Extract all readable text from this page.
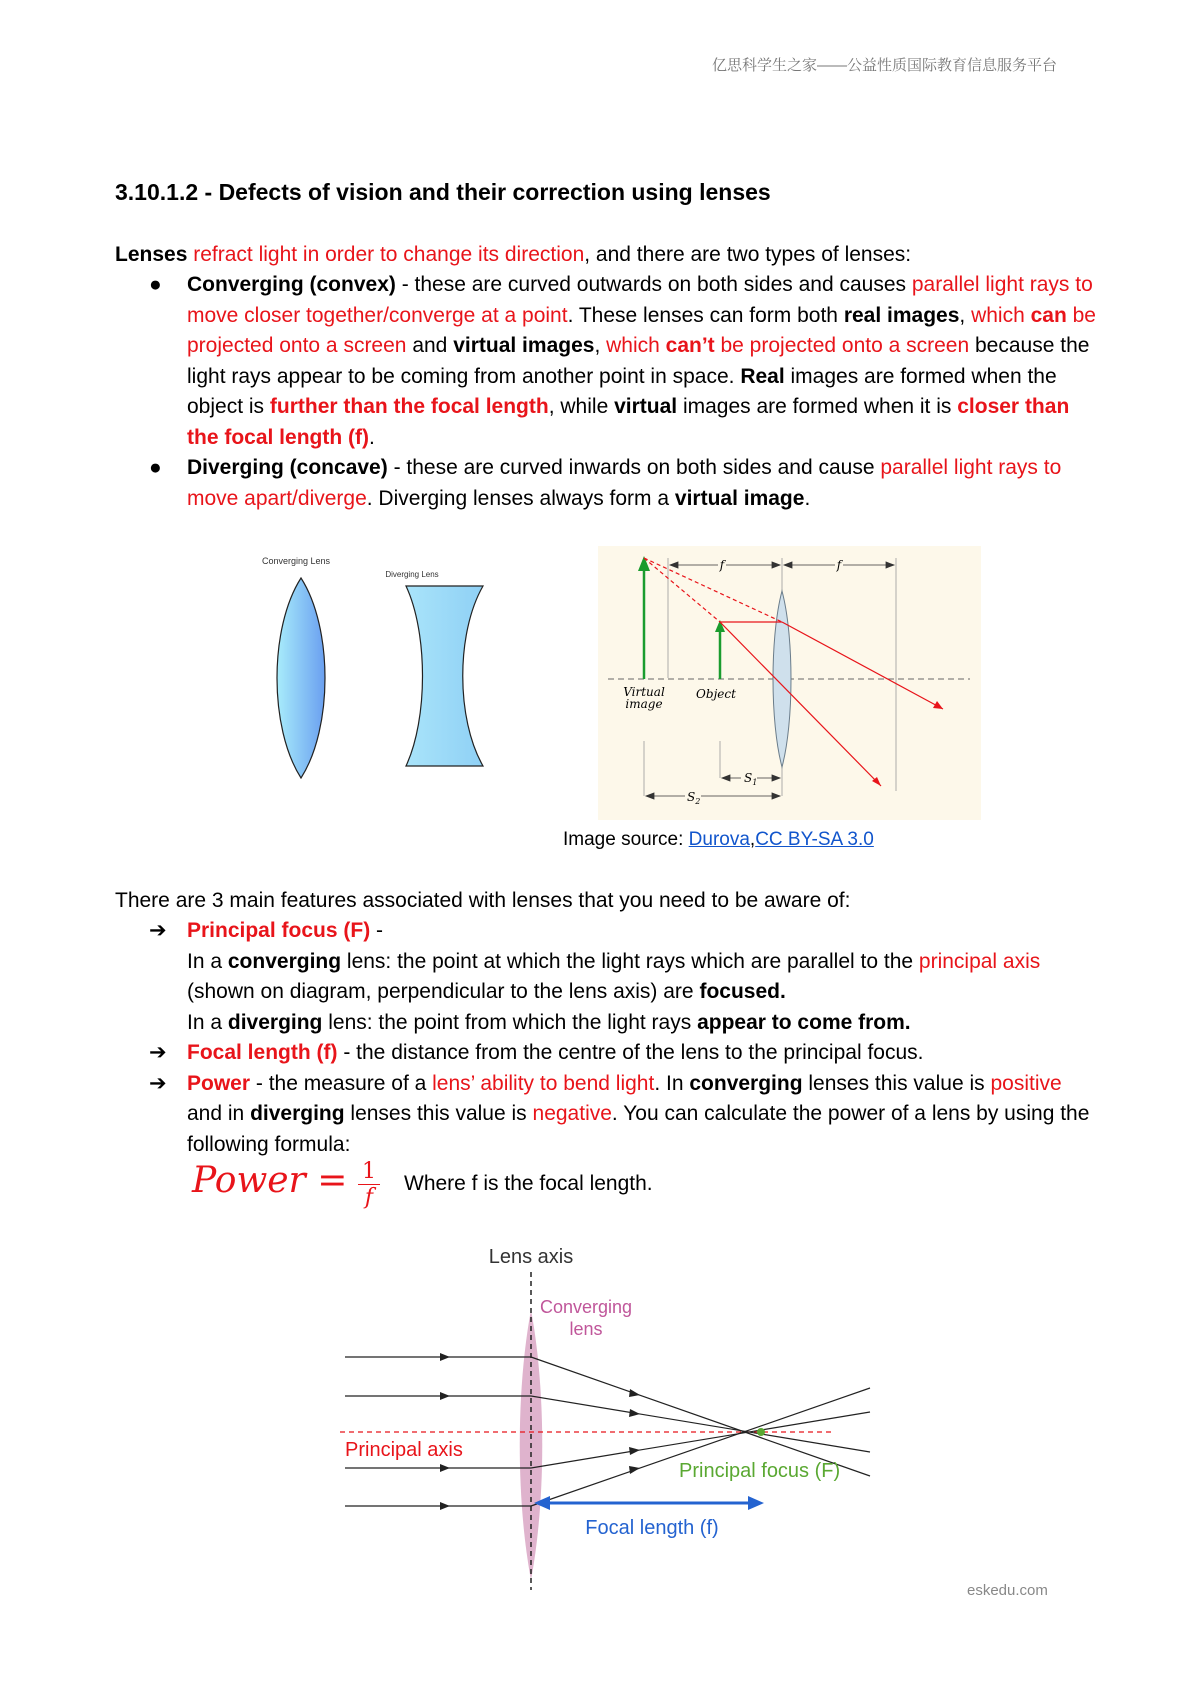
亿思科学生之家——公益性质国际教育信息服务平台
3.10.1.2 - Defects of vision and their correction using lenses

Lenses refract light in order to change its direction, and there are two types of lenses:

● Converging (convex) - these are curved outwards on both sides and causes parallel light rays to move closer together/converge at a point. These lenses can form both real images, which can be projected onto a screen and virtual images, which can’t be projected onto a screen because the light rays appear to be coming from another point in space. Real images are formed when the object is further than the focal length, while virtual images are formed when it is closer than the focal length (f).
● Diverging (concave) - these are curved inwards on both sides and cause parallel light rays to move apart/diverge. Diverging lenses always form a virtual image.
Converging Lens
Diverging Lens
f	f
Virtual
image
Object
$S_1$
$S_2$
Image source: Durova,CC BY-SA 3.0

There are 3 main features associated with lenses that you need to be aware of:

➔ Principal focus (F) -
In a converging lens: the point at which the light rays which are parallel to the principal axis (shown on diagram, perpendicular to the lens axis) are focused.
In a diverging lens: the point from which the light rays appear to come from.
➔ Focal length (f) - the distance from the centre of the lens to the principal focus.
➔ Power - the measure of a lens’ ability to bend light. In converging lenses this value is positive and in diverging lenses this value is negative. You can calculate the power of a lens by using the following formula:
Power = 1
f
Where f is the focal length.
Lens axis
Converging
lens
Principal axis
Principal focus (F)
Focal length (f)
eskedu.com
